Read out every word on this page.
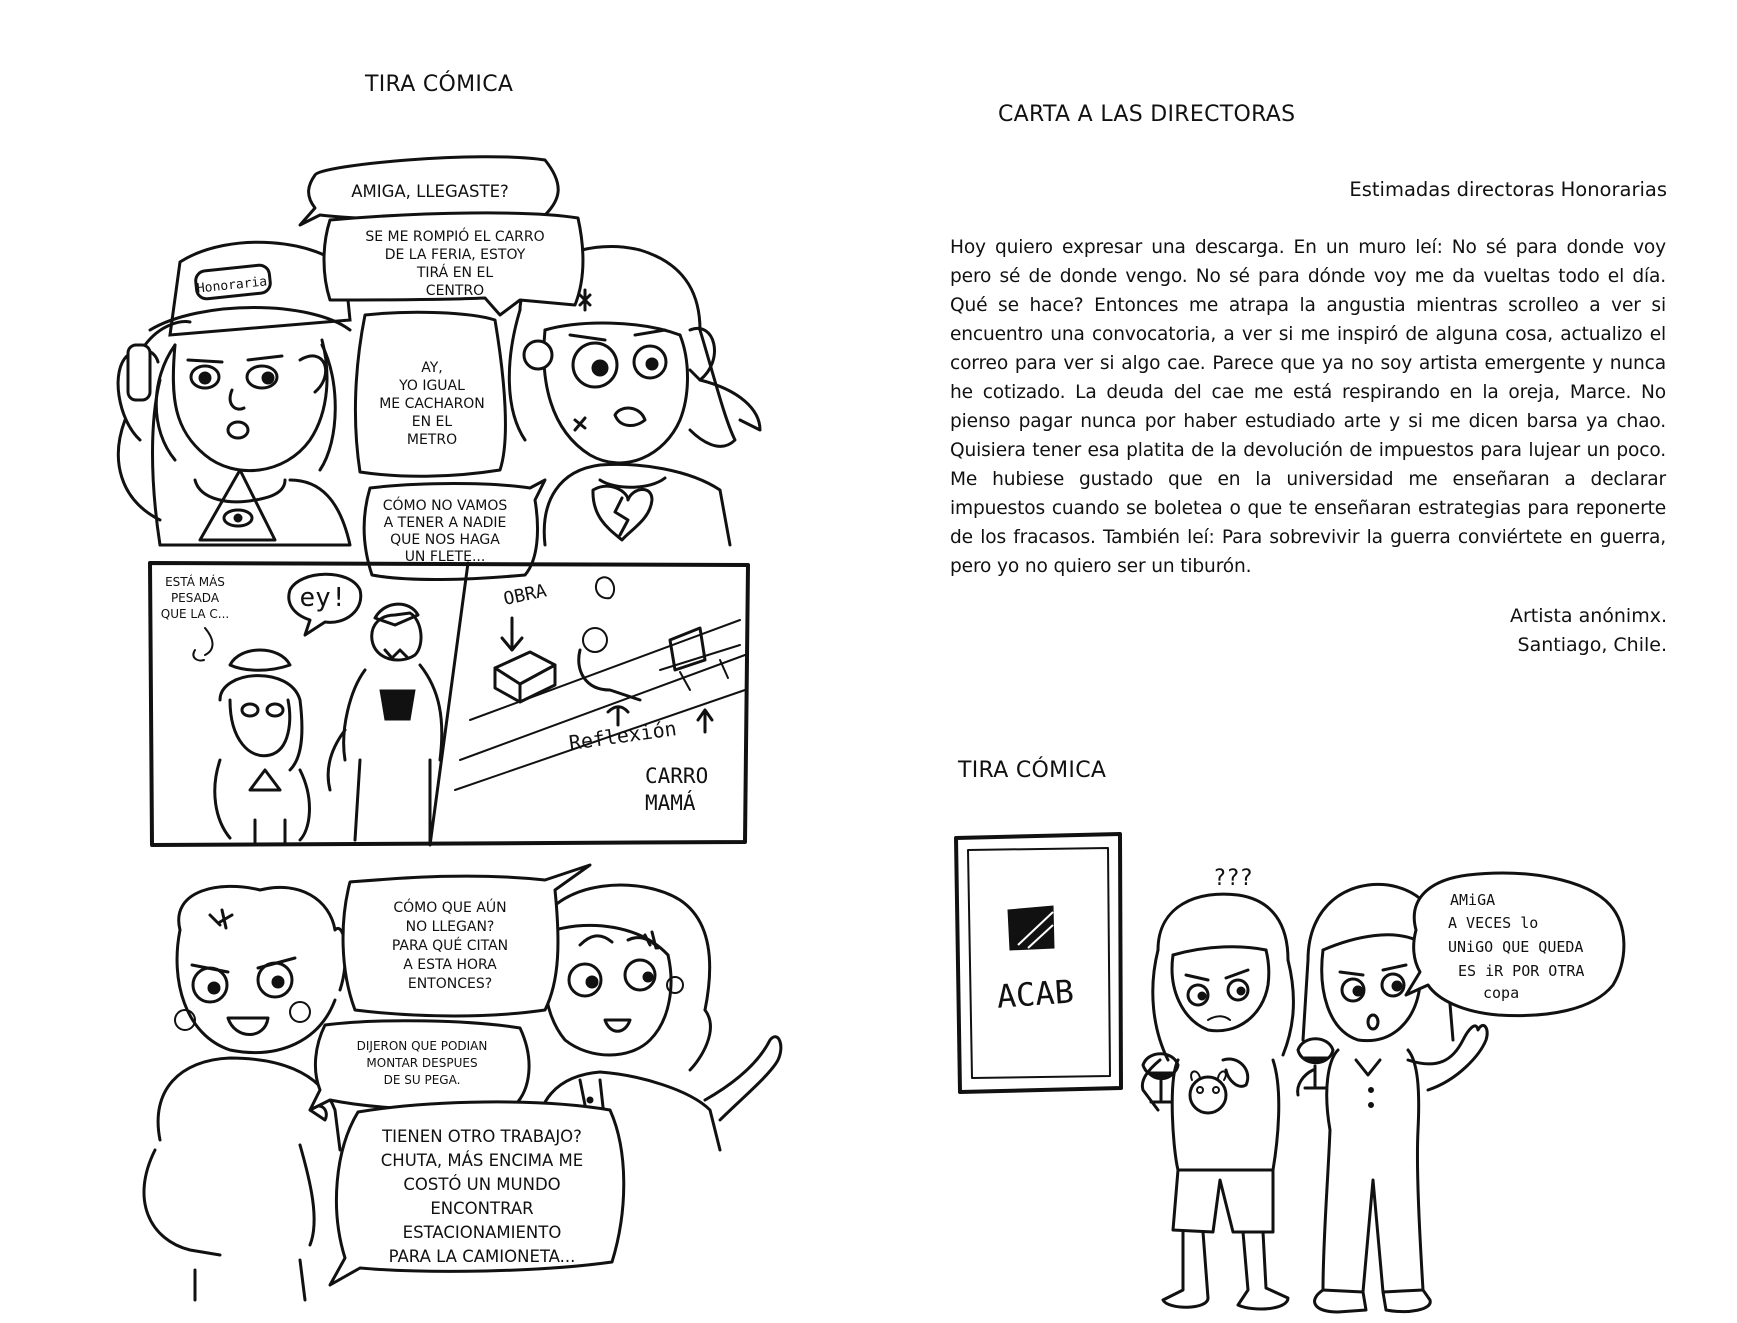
TIRA CÓMICA
Honoraria
AMIGA, LLEGASTE?
SE ME ROMPIÓ EL CARRO
DE LA FERIA, ESTOY
TIRÁ EN EL
CENTRO
AY,
YO IGUAL
ME CACHARON
EN EL
METRO
CÓMO NO VAMOS
A TENER A NADIE
QUE NOS HAGA
UN FLETE...
ESTÁ MÁS
PESADA
QUE LA C...
ey!	OBRA
Reflexión
CARRO
MAMÁ
CÓMO QUE AÚN
NO LLEGAN?
PARA QUÉ CITAN
A ESTA HORA
ENTONCES?
DIJERON QUE PODIAN
MONTAR DESPUES
DE SU PEGA.
TIENEN OTRO TRABAJO?
CHUTA, MÁS ENCIMA ME
COSTÓ UN MUNDO
ENCONTRAR
ESTACIONAMIENTO
PARA LA CAMIONETA...
CARTA A LAS DIRECTORAS

Estimadas directoras Honorarias

Hoy quiero expresar una descarga. En un muro leí: No sé para donde voy pero sé de donde vengo. No sé para dónde voy me da vueltas todo el día. Qué se hace? Entonces me atrapa la angustia mientras scrolleo a ver si encuentro una convocatoria, a ver si me inspiró de alguna cosa, actualizo el correo para ver si algo cae. Parece que ya no soy artista emergente y nunca he cotizado. La deuda del cae me está respirando en la oreja, Marce. No pienso pagar nunca por haber estudiado arte y si me dicen barsa ya chao. Quisiera tener esa platita de la devolución de impuestos para lujear un poco. Me hubiese gustado que en la universidad me enseñaran a declarar impuestos cuando se boletea o que te enseñaran estrategias para reponerte de los fracasos. También leí: Para sobrevivir la guerra conviértete en guerra, pero yo no quiero ser un tiburón.

Artista anónimx.
Santiago, Chile.

TIRA CÓMICA
ACAB
???
AMiGA
A VECES lo
UNiGO QUE QUEDA
ES iR POR OTRA
copa
